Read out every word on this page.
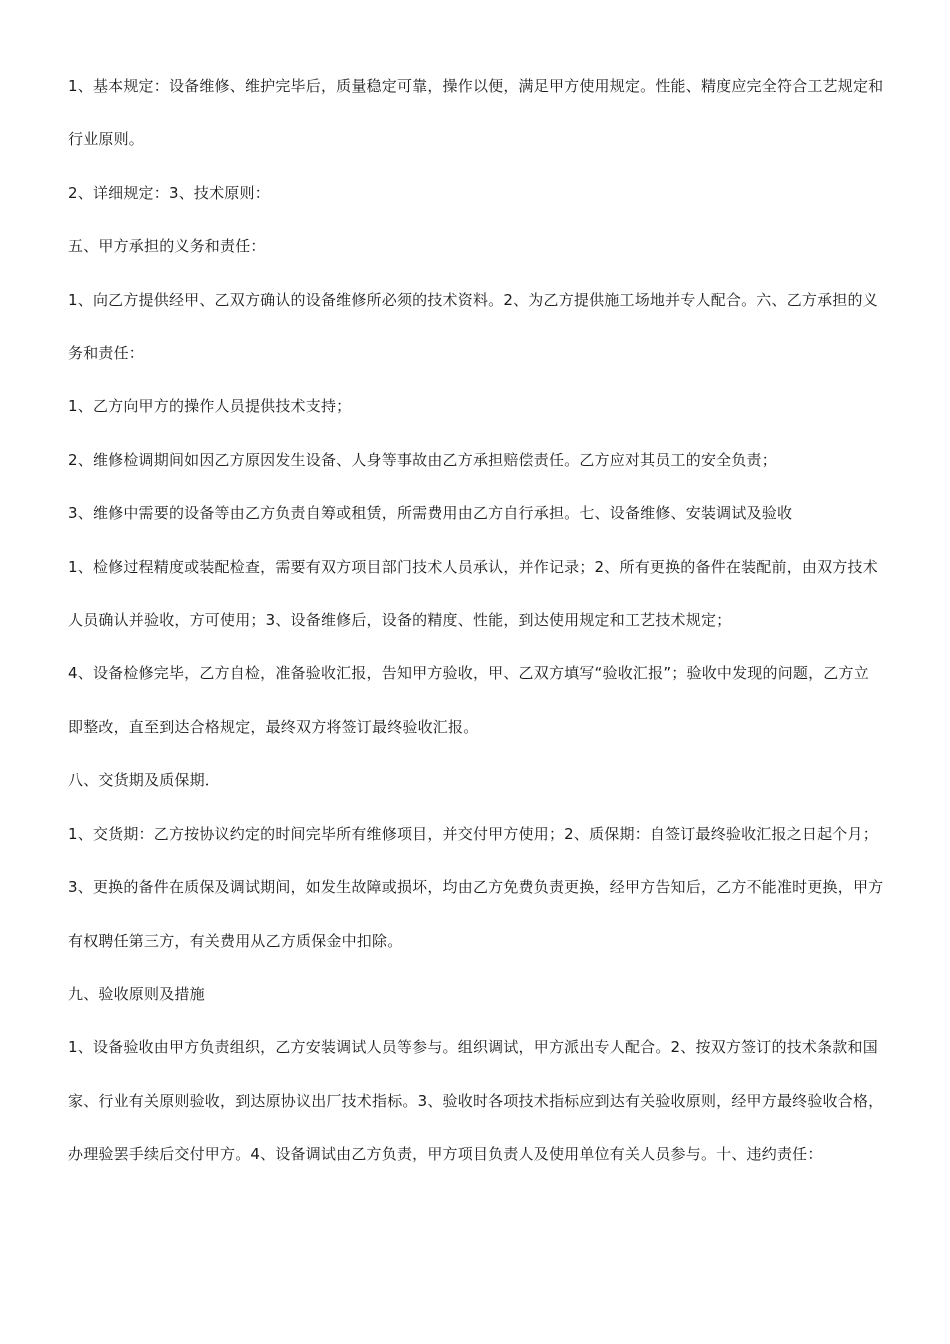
1、基本规定：设备维修、维护完毕后，质量稳定可靠，操作以便，满足甲方使用规定。性能、精度应完全符合工艺规定和行业原则。

2、详细规定：3、技术原则：

五、甲方承担的义务和责任：

1、向乙方提供经甲、乙双方确认的设备维修所必须的技术资料。2、为乙方提供施工场地并专人配合。六、乙方承担的义务和责任：

1、乙方向甲方的操作人员提供技术支持；

2、维修检调期间如因乙方原因发生设备、人身等事故由乙方承担赔偿责任。乙方应对其员工的安全负责；

3、维修中需要的设备等由乙方负责自筹或租赁，所需费用由乙方自行承担。七、设备维修、安装调试及验收

1、检修过程精度或装配检查，需要有双方项目部门技术人员承认，并作记录；2、所有更换的备件在装配前，由双方技术人员确认并验收，方可使用；3、设备维修后，设备的精度、性能，到达使用规定和工艺技术规定；

4、设备检修完毕，乙方自检，准备验收汇报，告知甲方验收，甲、乙双方填写“验收汇报”；验收中发现的问题，乙方立即整改，直至到达合格规定，最终双方将签订最终验收汇报。

八、交货期及质保期．

1、交货期：乙方按协议约定的时间完毕所有维修项目，并交付甲方使用；2、质保期：自签订最终验收汇报之日起个月；

3、更换的备件在质保及调试期间，如发生故障或损坏，均由乙方免费负责更换，经甲方告知后，乙方不能准时更换，甲方有权聘任第三方，有关费用从乙方质保金中扣除。

九、验收原则及措施

1、设备验收由甲方负责组织，乙方安装调试人员等参与。组织调试，甲方派出专人配合。2、按双方签订的技术条款和国家、行业有关原则验收，到达原协议出厂技术指标。3、验收时各项技术指标应到达有关验收原则，经甲方最终验收合格，办理验罢手续后交付甲方。4、设备调试由乙方负责，甲方项目负责人及使用单位有关人员参与。十、违约责任：
